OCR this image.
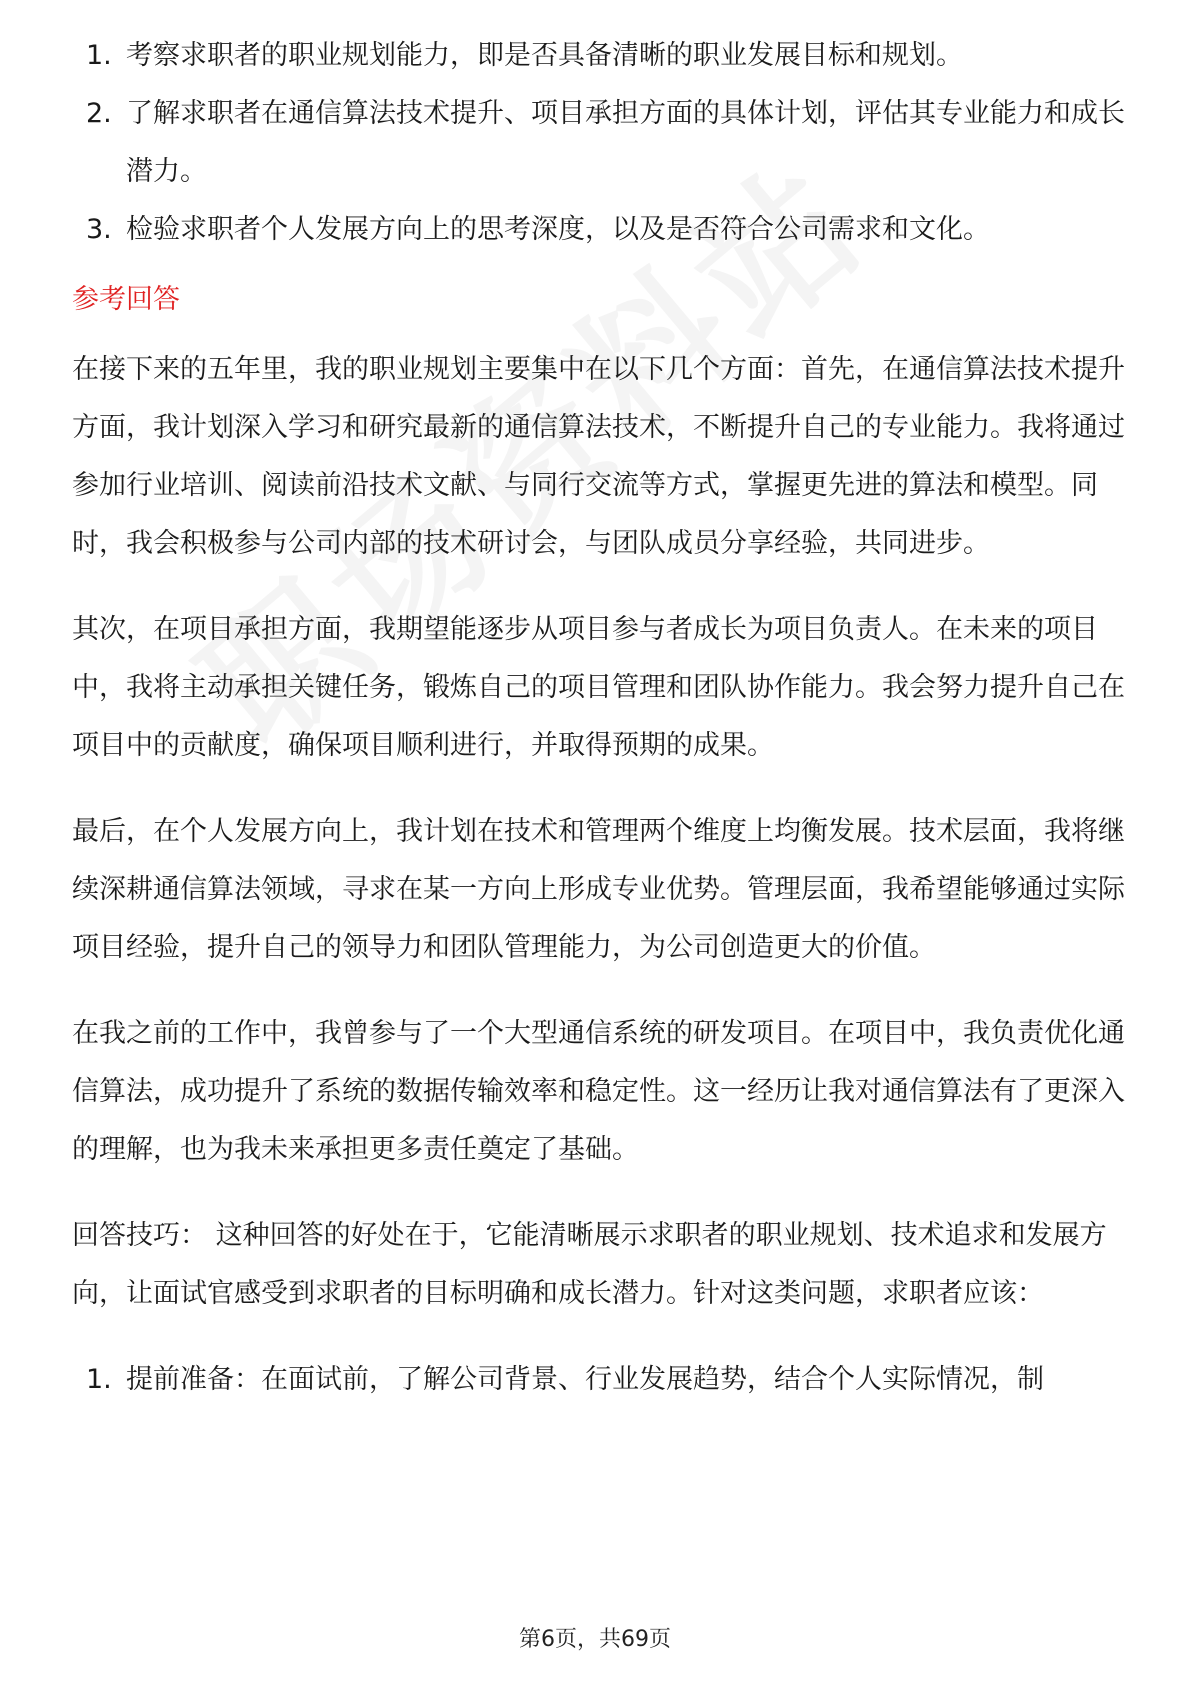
1. 考察求职者的职业规划能力，即是否具备清晰的职业发展目标和规划。
2. 了解求职者在通信算法技术提升、项目承担方面的具体计划，评估其专业能力和成长潜力。
3. 检验求职者个人发展方向上的思考深度，以及是否符合公司需求和文化。
参考回答

在接下来的五年里，我的职业规划主要集中在以下几个方面：首先，在通信算法技术提升方面，我计划深入学习和研究最新的通信算法技术，不断提升自己的专业能力。我将通过参加行业培训、阅读前沿技术文献、与同行交流等方式，掌握更先进的算法和模型。同时，我会积极参与公司内部的技术研讨会，与团队成员分享经验，共同进步。

其次，在项目承担方面，我期望能逐步从项目参与者成长为项目负责人。在未来的项目中，我将主动承担关键任务，锻炼自己的项目管理和团队协作能力。我会努力提升自己在项目中的贡献度，确保项目顺利进行，并取得预期的成果。

最后，在个人发展方向上，我计划在技术和管理两个维度上均衡发展。技术层面，我将继续深耕通信算法领域，寻求在某一方向上形成专业优势。管理层面，我希望能够通过实际项目经验，提升自己的领导力和团队管理能力，为公司创造更大的价值。

在我之前的工作中，我曾参与了一个大型通信系统的研发项目。在项目中，我负责优化通信算法，成功提升了系统的数据传输效率和稳定性。这一经历让我对通信算法有了更深入的理解，也为我未来承担更多责任奠定了基础。

回答技巧： 这种回答的好处在于，它能清晰展示求职者的职业规划、技术追求和发展方向，让面试官感受到求职者的目标明确和成长潜力。针对这类问题，求职者应该：

1. 提前准备：在面试前，了解公司背景、行业发展趋势，结合个人实际情况，制
第6页，共69页
